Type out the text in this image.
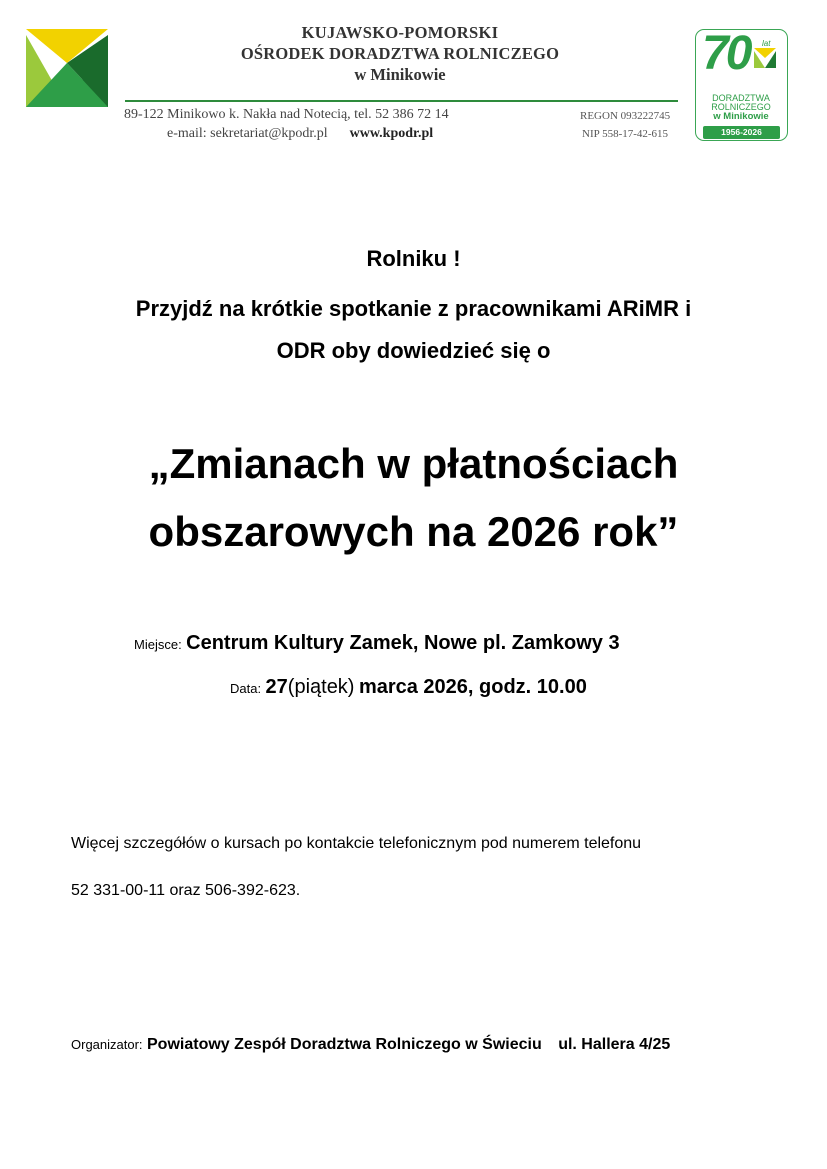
KUJAWSKO-POMORSKI
OŚRODEK DORADZTWA ROLNICZEGO
w Minikowie
89-122 Minikowo k. Nakła nad Notecią, tel. 52 386 72 14
e-mail: sekretariat@kpodr.pl www.kpodr.pl
REGON 093222745
NIP 558-17-42-615
70 lat
DORADZTWA
ROLNICZEGO
w Minikowie
1956-2026
Rolniku !
Przyjdź na krótkie spotkanie z pracownikami ARiMR i
ODR oby dowiedzieć się o
„Zmianach w płatnościach
obszarowych na 2026 rok”
Miejsce: Centrum Kultury Zamek, Nowe pl. Zamkowy 3
Data: 27(piątek) marca 2026, godz. 10.00
Więcej szczegółów o kursach po kontakcie telefonicznym pod numerem telefonu
52 331-00-11 oraz 506-392-623.
Organizator: Powiatowy Zespół Doradztwa Rolniczego w Świeciu ul. Hallera 4/25
